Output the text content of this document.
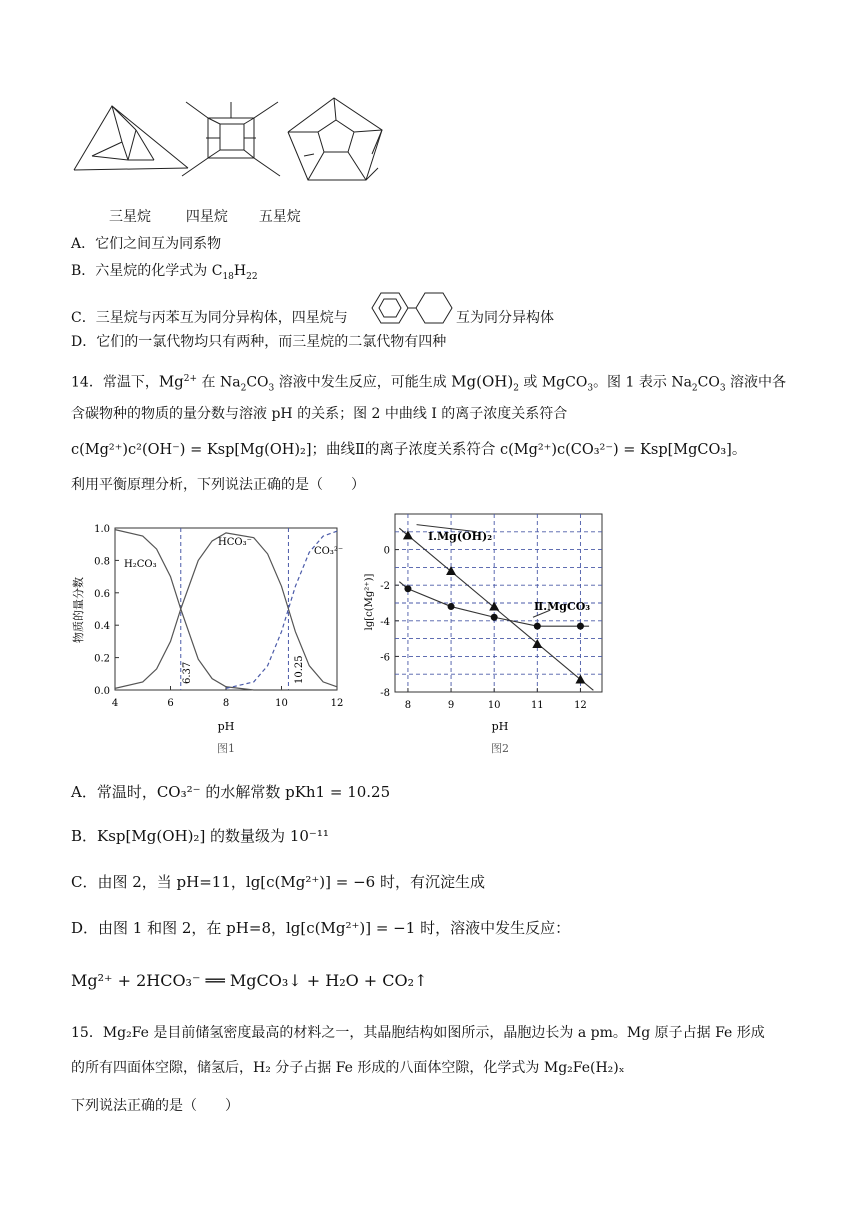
三星烷 四星烷 五星烷
A．它们之间互为同系物
B．六星烷的化学式为 $C_{18}H_{22}$
C．三星烷与丙苯互为同分异构体，四星烷与	互为同分异构体
D．它们的一氯代物均只有两种，而三星烷的二氯代物有四种
14．常温下，$Mg^{2+}$ 在 $Na_2CO_3$ 溶液中发生反应，可能生成 $Mg(OH)_2$ 或 MgCO$_3$。图 1 表示 $Na_2CO_3$ 溶液中各
含碳物种的物质的量分数与溶液 pH 的关系；图 2 中曲线 Ⅰ 的离子浓度关系符合
c(Mg²⁺)c²(OH⁻) = Ksp[Mg(OH)₂]；曲线Ⅱ的离子浓度关系符合 c(Mg²⁺)c(CO₃²⁻) = Ksp[MgCO₃]。
利用平衡原理分析，下列说法正确的是（　　）
0.0
0.2
0.4
0.6
0.8
1.0
4	6	8	10	12
物质的量分数
pH
图1
H₂CO₃
HCO₃⁻
CO₃²⁻
6.37	10.25
0
-2
-4
-6
-8
8	9	10	11	12
lg[c(Mg²⁺)]
pH
图2
Ⅰ.Mg(OH)₂
Ⅱ.MgCO₃
A．常温时，CO₃²⁻ 的水解常数 pKh1 = 10.25
B．Ksp[Mg(OH)₂] 的数量级为 10⁻¹¹
C．由图 2，当 pH=11，lg[c(Mg²⁺)] = −6 时，有沉淀生成
D．由图 1 和图 2，在 pH=8，lg[c(Mg²⁺)] = −1 时，溶液中发生反应：
Mg²⁺ + 2HCO₃⁻ ══ MgCO₃↓ + H₂O + CO₂↑
15．Mg₂Fe 是目前储氢密度最高的材料之一，其晶胞结构如图所示，晶胞边长为 a pm。Mg 原子占据 Fe 形成
的所有四面体空隙，储氢后，H₂ 分子占据 Fe 形成的八面体空隙，化学式为 Mg₂Fe(H₂)ₓ
下列说法正确的是（　　）
